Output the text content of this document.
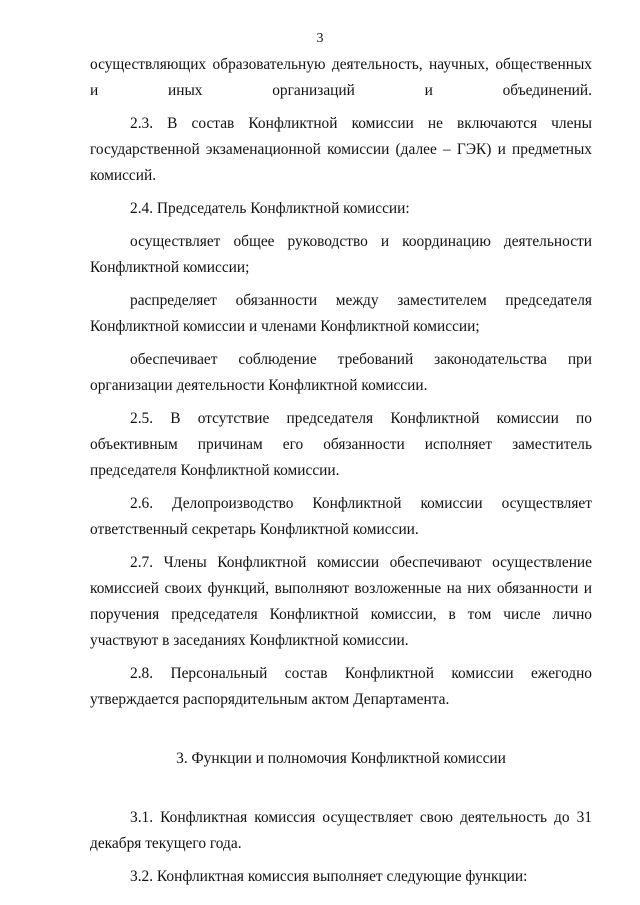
3

осуществляющих образовательную деятельность, научных, общественных и иных организаций и объединений.

2.3. В состав Конфликтной комиссии не включаются члены государственной экзаменационной комиссии (далее – ГЭК) и предметных комиссий.

2.4. Председатель Конфликтной комиссии:

осуществляет общее руководство и координацию деятельности Конфликтной комиссии;

распределяет обязанности между заместителем председателя Конфликтной комиссии и членами Конфликтной комиссии;

обеспечивает соблюдение требований законодательства при организации деятельности Конфликтной комиссии.

2.5. В отсутствие председателя Конфликтной комиссии по объективным причинам его обязанности исполняет заместитель председателя Конфликтной комиссии.

2.6. Делопроизводство Конфликтной комиссии осуществляет ответственный секретарь Конфликтной комиссии.

2.7. Члены Конфликтной комиссии обеспечивают осуществление комиссией своих функций, выполняют возложенные на них обязанности и поручения председателя Конфликтной комиссии, в том числе лично участвуют в заседаниях Конфликтной комиссии.

2.8. Персональный состав Конфликтной комиссии ежегодно утверждается распорядительным актом Департамента.

3. Функции и полномочия Конфликтной комиссии

3.1. Конфликтная комиссия осуществляет свою деятельность до 31 декабря текущего года.

3.2. Конфликтная комиссия выполняет следующие функции:
